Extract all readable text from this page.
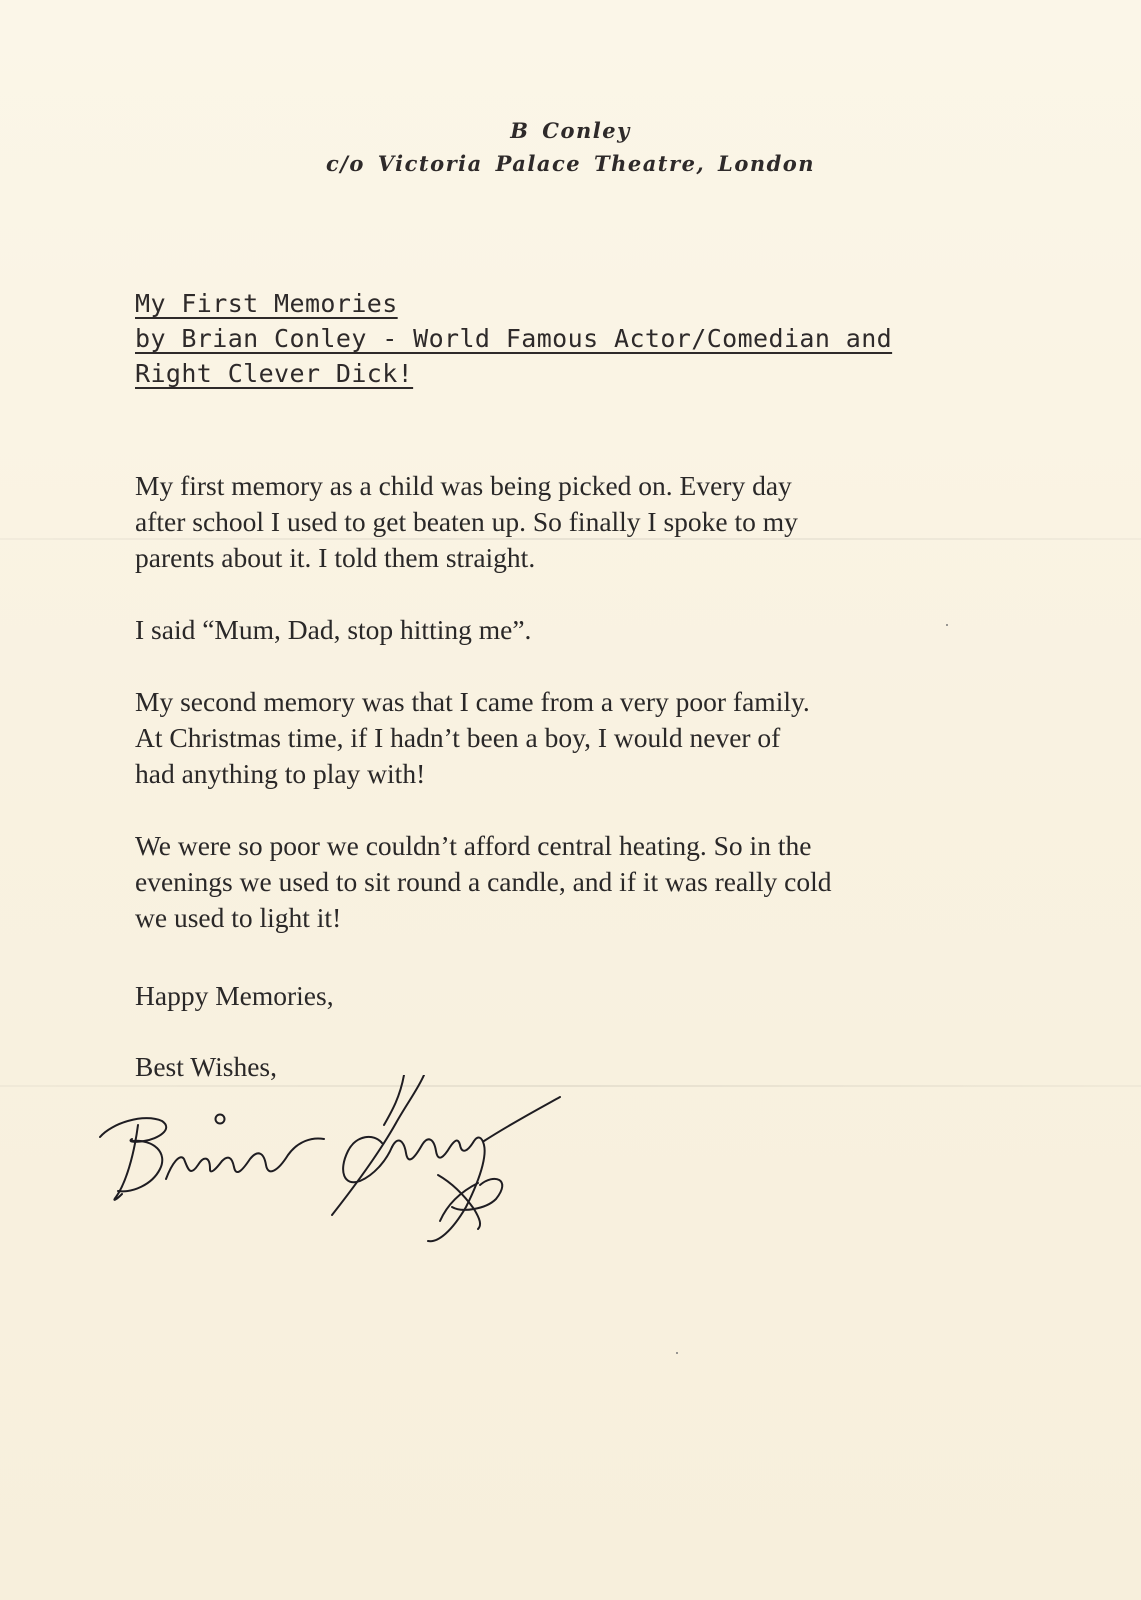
B Conley
c/o Victoria Palace Theatre, London
My First Memories
by Brian Conley - World Famous Actor/Comedian and
Right Clever Dick!

My first memory as a child was being picked on. Every day
after school I used to get beaten up. So finally I spoke to my
parents about it. I told them straight.

I said “Mum, Dad, stop hitting me”.

My second memory was that I came from a very poor family.
At Christmas time, if I hadn’t been a boy, I would never of
had anything to play with!

We were so poor we couldn’t afford central heating. So in the
evenings we used to sit round a candle, and if it was really cold
we used to light it!

Happy Memories,
Best Wishes,
